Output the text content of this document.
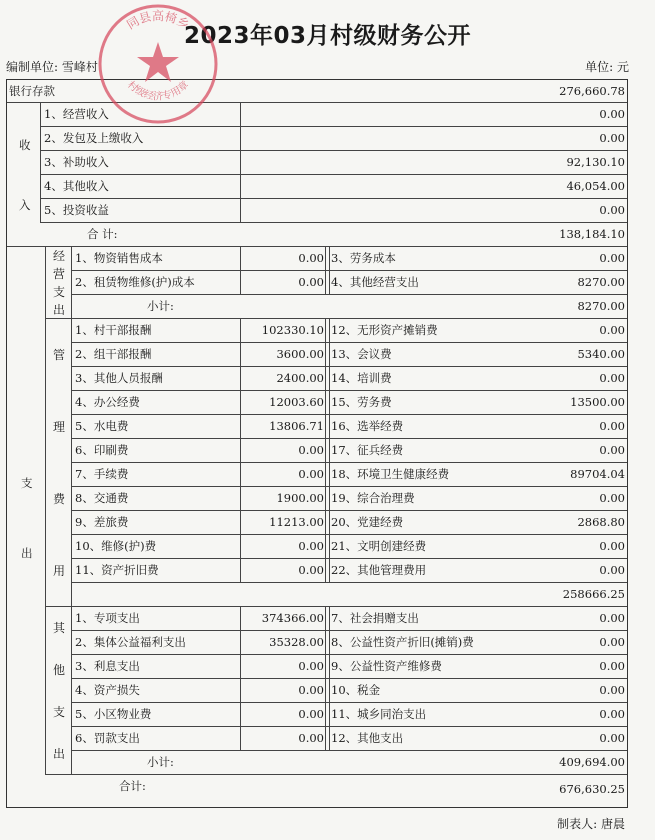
2023年03月村级财务公开
编制单位: 雪峰村	单位: 元
银行存款	276,660.78
1、经营收入	0.00
2、发包及上缴收入	0.00
3、补助收入	92,130.10
4、其他收入	46,054.00
5、投资收益	0.00
合 计:	138,184.10
收
入
1、物资销售成本	0.00 3、劳务成本	0.00
2、租赁物维修(护)成本	0.00 4、其他经营支出	8270.00
小计:	8270.00
经
营
支
出
1、村干部报酬	102330.10 12、无形资产摊销费	0.00
2、组干部报酬	3600.00 13、会议费	5340.00
3、其他人员报酬	2400.00 14、培训费	0.00
4、办公经费	12003.60 15、劳务费	13500.00
5、水电费	13806.71 16、选举经费	0.00
6、印刷费	0.00 17、征兵经费	0.00
7、手续费	0.00 18、环境卫生健康经费	89704.04
8、交通费	1900.00 19、综合治理费	0.00
9、差旅费	11213.00 20、党建经费	2868.80
10、维修(护)费	0.00 21、文明创建经费	0.00
11、资产折旧费	0.00 22、其他管理费用	0.00
258666.25
管
理
费
用
1、专项支出	374366.00 7、社会捐赠支出	0.00
2、集体公益福利支出	35328.00 8、公益性资产折旧(摊销)费	0.00
3、利息支出	0.00 9、公益性资产维修费	0.00
4、资产损失	0.00 10、税金	0.00
5、小区物业费	0.00 11、城乡同治支出	0.00
6、罚款支出	0.00 12、其他支出	0.00
小计:	409,694.00
其
他
支
出
支
出
合计:	676,630.25
同县高椅乡
村级经济专用章
制表人: 唐晨
